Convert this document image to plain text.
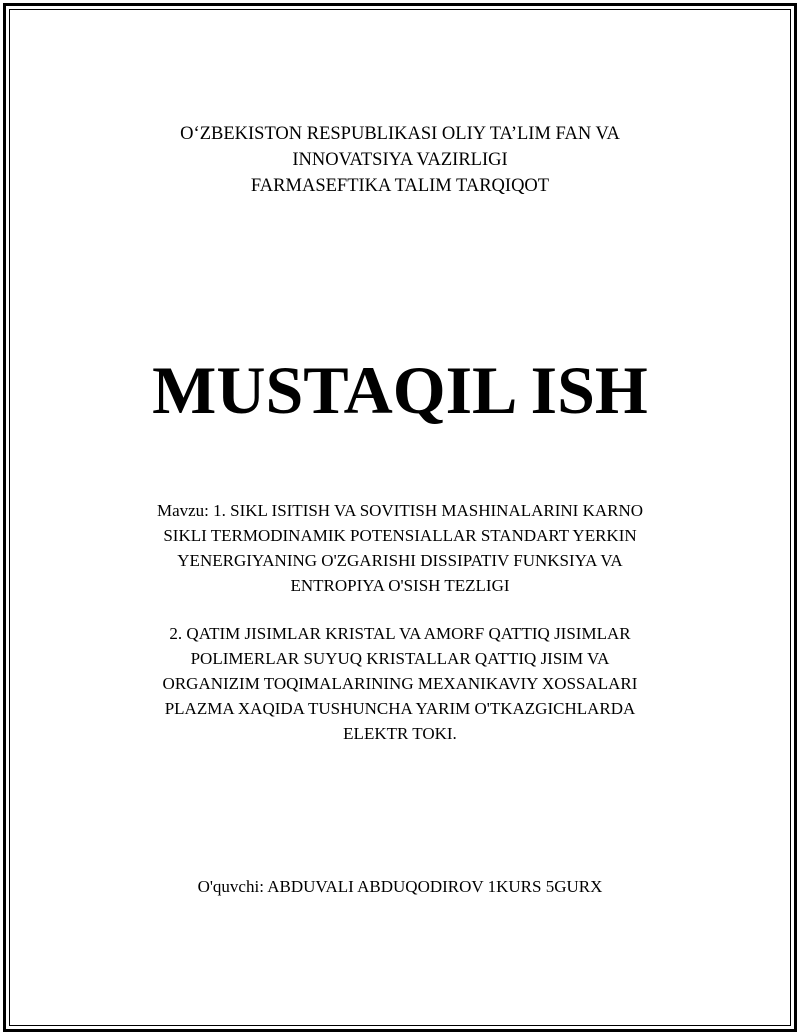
O‘ZBEKISTON RESPUBLIKASI OLIY TA’LIM FAN VA
INNOVATSIYA VAZIRLIGI
FARMASEFTIKA TALIM TARQIQOT
MUSTAQIL ISH
Mavzu: 1. SIKL ISITISH VA SOVITISH MASHINALARINI KARNO
SIKLI TERMODINAMIK POTENSIALLAR STANDART YERKIN
YENERGIYANING O'ZGARISHI DISSIPATIV FUNKSIYA VA
ENTROPIYA O'SISH TEZLIGI
2. QATIM JISIMLAR KRISTAL VA AMORF QATTIQ JISIMLAR
POLIMERLAR SUYUQ KRISTALLAR QATTIQ JISIM VA
ORGANIZIM TOQIMALARINING MEXANIKAVIY XOSSALARI
PLAZMA XAQIDA TUSHUNCHA YARIM O'TKAZGICHLARDA
ELEKTR TOKI.
O'quvchi: ABDUVALI ABDUQODIROV 1KURS 5GURX
